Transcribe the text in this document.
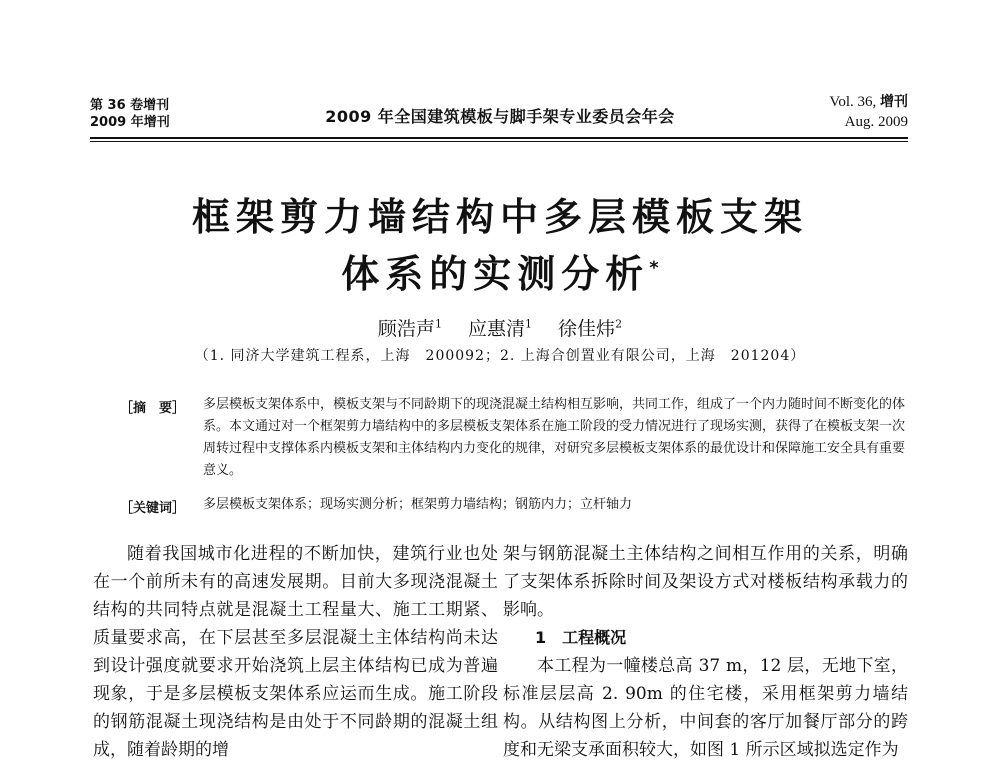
第 36 卷增刊
2009 年增刊	2009 年全国建筑模板与脚手架专业委员会年会
Vol. 36, 增刊
Aug. 2009
框架剪力墙结构中多层模板支架
体系的实测分析*
顾浩声$^1$ 应惠清$^1$ 徐佳炜$^2$
（1. 同济大学建筑工程系，上海　200092；2. 上海合创置业有限公司，上海　201204）
［摘　要］ 多层模板支架体系中，模板支架与不同龄期下的现浇混凝土结构相互影响，共同工作，组成了一个内力随时间不断变化的体系。本文通过对一个框架剪力墙结构中的多层模板支架体系在施工阶段的受力情况进行了现场实测，获得了在模板支架一次周转过程中支撑体系内模板支架和主体结构内力变化的规律，对研究多层模板支架体系的最优设计和保障施工安全具有重要意义。
［关键词］ 多层模板支架体系；现场实测分析；框架剪力墙结构；钢筋内力；立杆轴力

随着我国城市化进程的不断加快，建筑行业也处在一个前所未有的高速发展期。目前大多现浇混凝土结构的共同特点就是混凝土工程量大、施工工期紧、质量要求高，在下层甚至多层混凝土主体结构尚未达到设计强度就要求开始浇筑上层主体结构已成为普遍现象，于是多层模板支架体系应运而生成。施工阶段的钢筋混凝土现浇结构是由处于不同龄期的混凝土组成，随着龄期的增

架与钢筋混凝土主体结构之间相互作用的关系，明确了支架体系拆除时间及架设方式对楼板结构承载力的影响。

1　工程概况

本工程为一幢楼总高 37 m，12 层，无地下室，标准层层高 2. 90m 的住宅楼，采用框架剪力墙结构。从结构图上分析，中间套的客厅加餐厅部分的跨度和无梁支承面积较大，如图 1 所示区域拟选定作为
